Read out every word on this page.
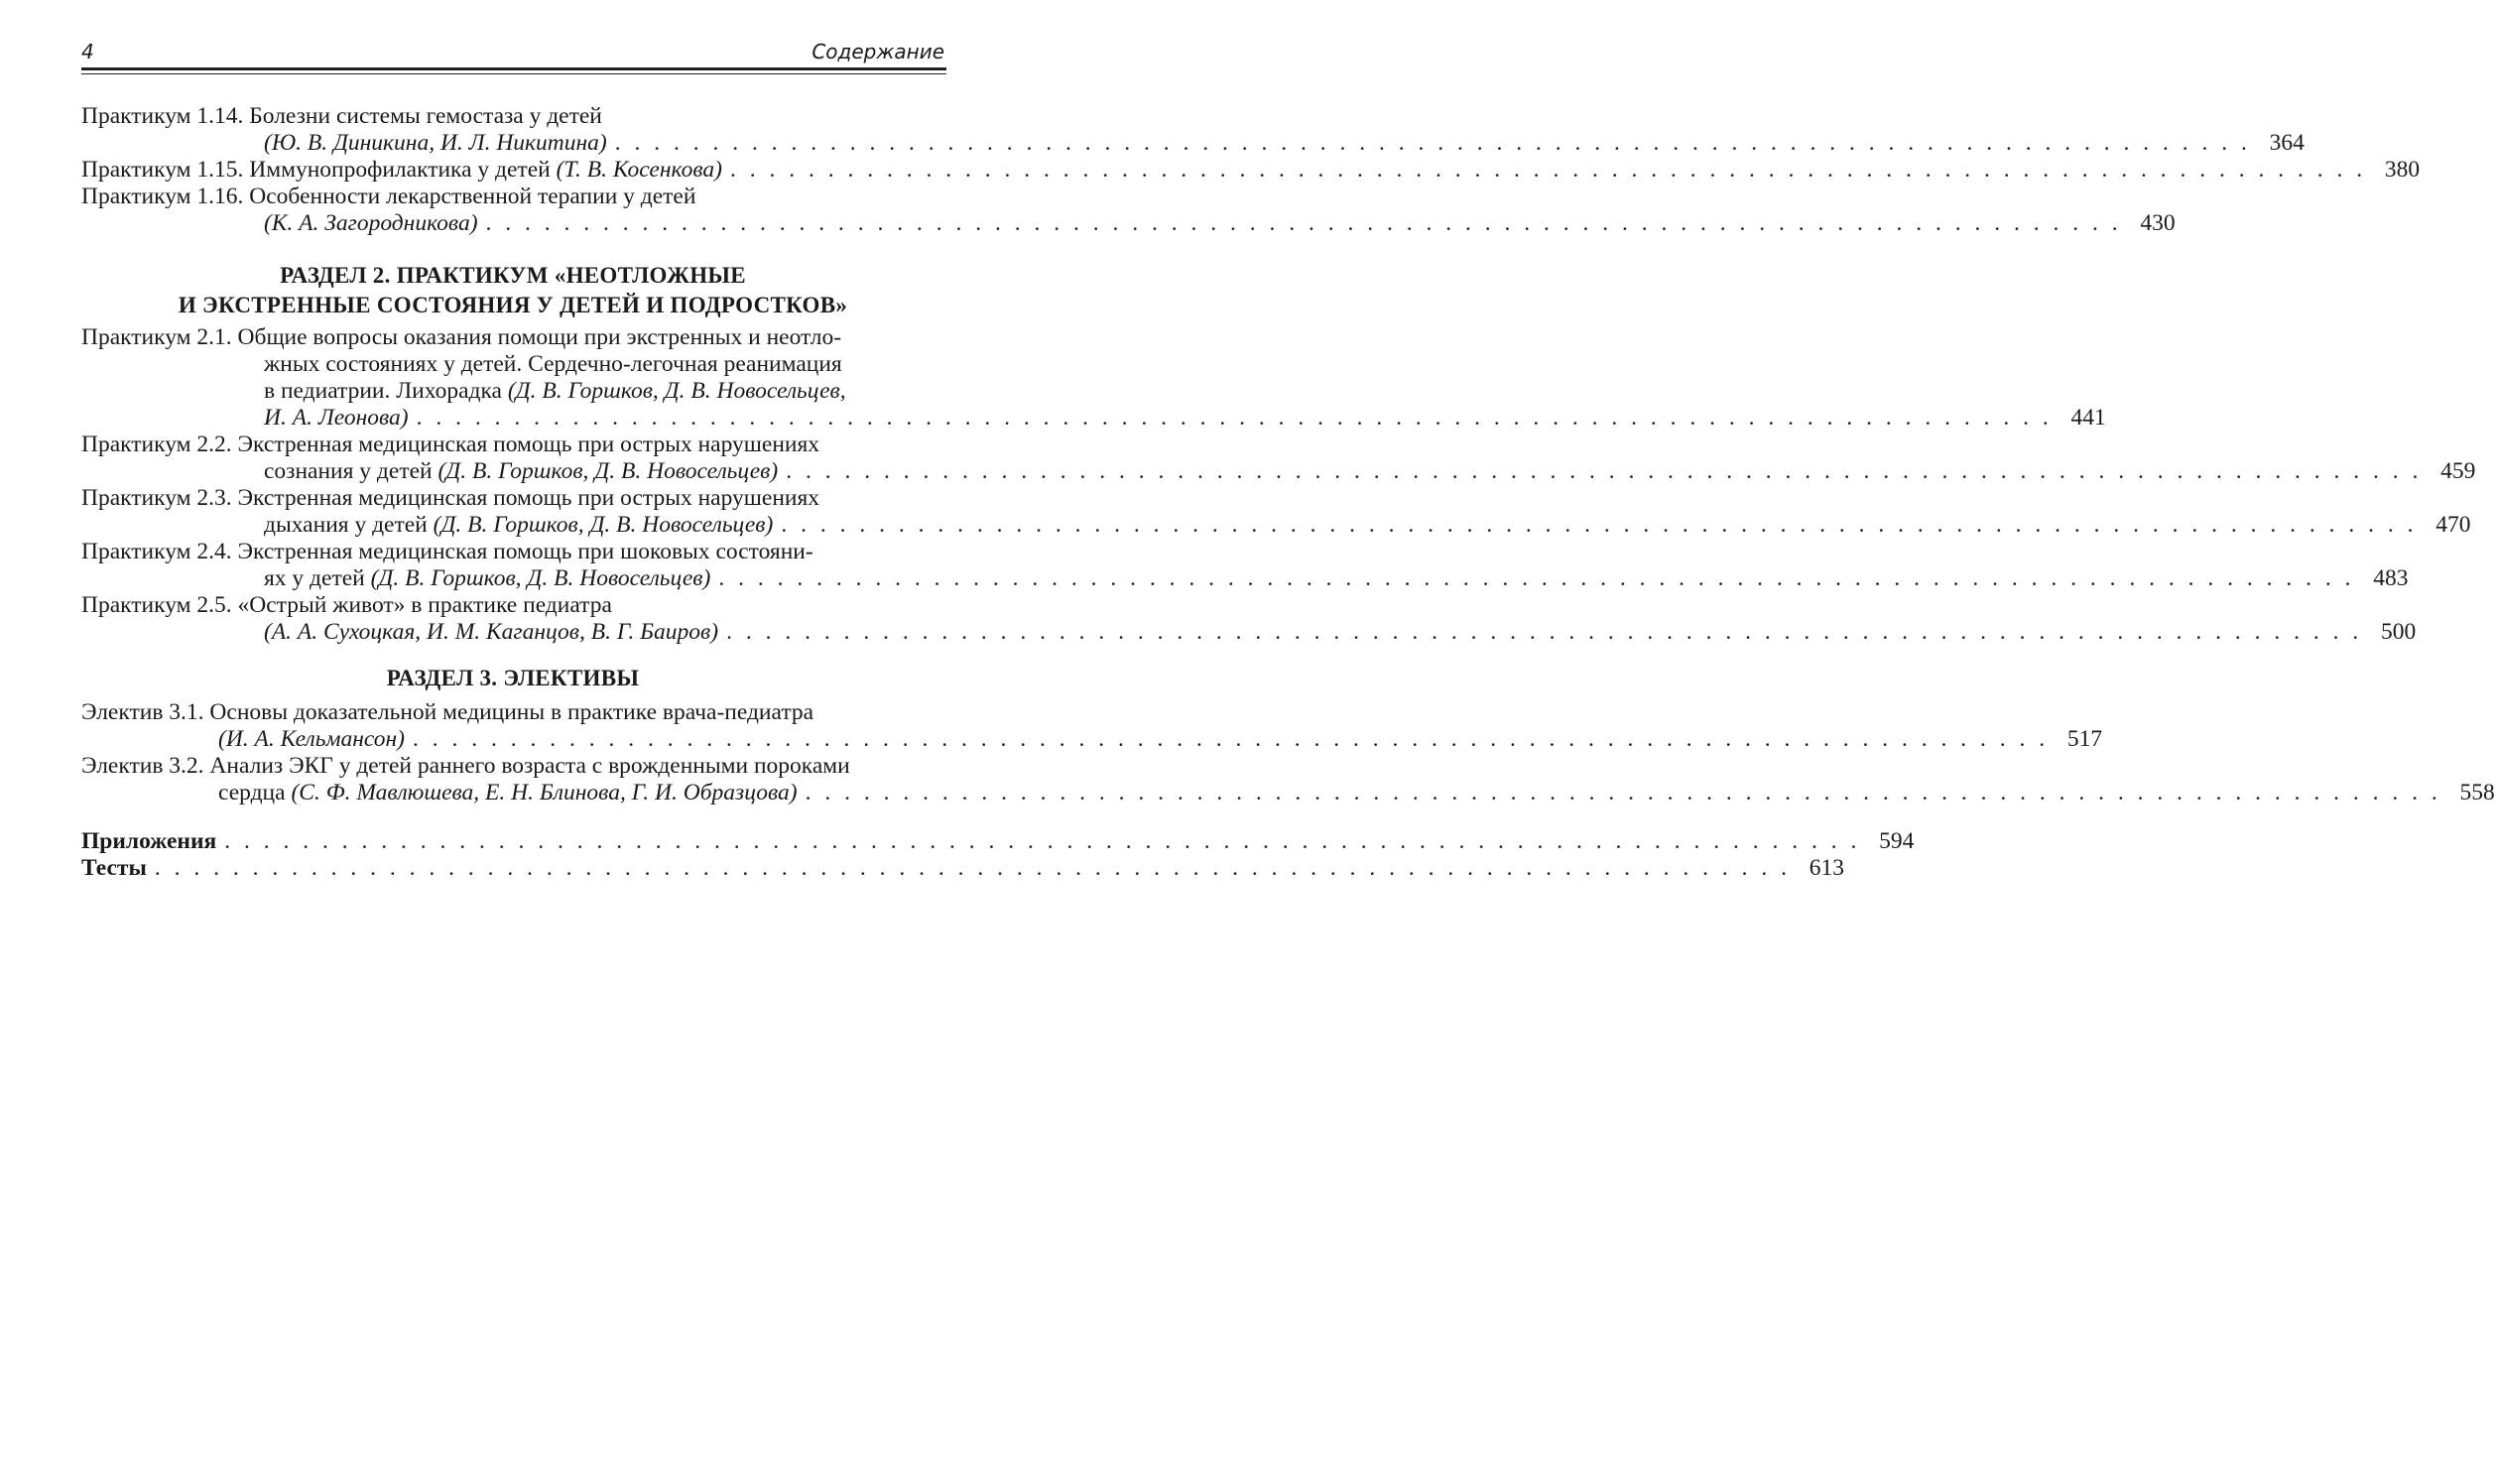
4	Содержание
Практикум 1.14. Болезни системы гемостаза у детей
(Ю. В. Диникина, И. Л. Никитина) . . . . . . . . . . . . . . . . . . . . . . . . . . . . . . . . . . . . . . . . . . . . . . . . . . . . . . . . . . . . . . . . . . . . . . . . . . . . . . . . . . . . 364
Практикум 1.15. Иммунопрофилактика у детей (Т. В. Косенкова) . . . . . . . . . . . . . . . . . . . . . . . . . . . . . . . . . . . . . . . . . . . . . . . . . . . . . . . . . . . . . . . . . . . . . . . . . . . . . . . . . . . . 380
Практикум 1.16. Особенности лекарственной терапии у детей
(К. А. Загородникова) . . . . . . . . . . . . . . . . . . . . . . . . . . . . . . . . . . . . . . . . . . . . . . . . . . . . . . . . . . . . . . . . . . . . . . . . . . . . . . . . . . . . 430
РАЗДЕЛ 2. ПРАКТИКУМ «НЕОТЛОЖНЫЕ
И ЭКСТРЕННЫЕ СОСТОЯНИЯ У ДЕТЕЙ И ПОДРОСТКОВ»
Практикум 2.1. Общие вопросы оказания помощи при экстренных и неотло-
жных состояниях у детей. Сердечно-легочная реанимация
в педиатрии. Лихорадка (Д. В. Горшков, Д. В. Новосельцев,
И. А. Леонова) . . . . . . . . . . . . . . . . . . . . . . . . . . . . . . . . . . . . . . . . . . . . . . . . . . . . . . . . . . . . . . . . . . . . . . . . . . . . . . . . . . . . 441
Практикум 2.2. Экстренная медицинская помощь при острых нарушениях
сознания у детей (Д. В. Горшков, Д. В. Новосельцев) . . . . . . . . . . . . . . . . . . . . . . . . . . . . . . . . . . . . . . . . . . . . . . . . . . . . . . . . . . . . . . . . . . . . . . . . . . . . . . . . . . . . 459
Практикум 2.3. Экстренная медицинская помощь при острых нарушениях
дыхания у детей (Д. В. Горшков, Д. В. Новосельцев) . . . . . . . . . . . . . . . . . . . . . . . . . . . . . . . . . . . . . . . . . . . . . . . . . . . . . . . . . . . . . . . . . . . . . . . . . . . . . . . . . . . . 470
Практикум 2.4. Экстренная медицинская помощь при шоковых состояни-
ях у детей (Д. В. Горшков, Д. В. Новосельцев) . . . . . . . . . . . . . . . . . . . . . . . . . . . . . . . . . . . . . . . . . . . . . . . . . . . . . . . . . . . . . . . . . . . . . . . . . . . . . . . . . . . . 483
Практикум 2.5. «Острый живот» в практике педиатра
(А. А. Сухоцкая, И. М. Каганцов, В. Г. Баиров) . . . . . . . . . . . . . . . . . . . . . . . . . . . . . . . . . . . . . . . . . . . . . . . . . . . . . . . . . . . . . . . . . . . . . . . . . . . . . . . . . . . . 500
РАЗДЕЛ 3. ЭЛЕКТИВЫ
Электив 3.1. Основы доказательной медицины в практике врача-педиатра
(И. А. Кельмансон) . . . . . . . . . . . . . . . . . . . . . . . . . . . . . . . . . . . . . . . . . . . . . . . . . . . . . . . . . . . . . . . . . . . . . . . . . . . . . . . . . . . . 517
Электив 3.2. Анализ ЭКГ у детей раннего возраста с врожденными пороками
сердца (С. Ф. Мавлюшева, Е. Н. Блинова, Г. И. Образцова) . . . . . . . . . . . . . . . . . . . . . . . . . . . . . . . . . . . . . . . . . . . . . . . . . . . . . . . . . . . . . . . . . . . . . . . . . . . . . . . . . . . . 558
Приложения . . . . . . . . . . . . . . . . . . . . . . . . . . . . . . . . . . . . . . . . . . . . . . . . . . . . . . . . . . . . . . . . . . . . . . . . . . . . . . . . . . . . 594
Тесты . . . . . . . . . . . . . . . . . . . . . . . . . . . . . . . . . . . . . . . . . . . . . . . . . . . . . . . . . . . . . . . . . . . . . . . . . . . . . . . . . . . . 613
